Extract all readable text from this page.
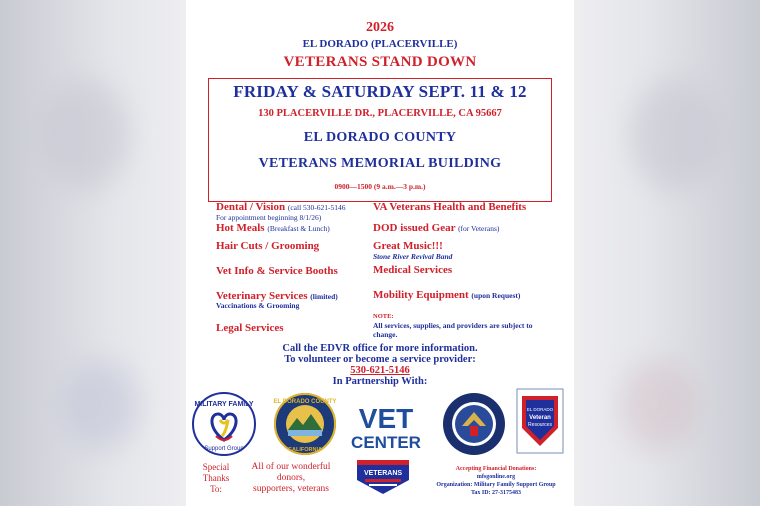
2026
EL DORADO (PLACERVILLE)
VETERANS STAND DOWN
FRIDAY & SATURDAY SEPT. 11 & 12
130 PLACERVILLE DR., PLACERVILLE, CA 95667
EL DORADO COUNTY
VETERANS MEMORIAL BUILDING
0900—1500 (9 a.m.—3 p.m.)
Dental / Vision (call 530-621-5146
For appointment beginning 8/1/26)
Hot Meals (Breakfast & Lunch)
Hair Cuts / Grooming
Vet Info & Service Booths
Veterinary Services (limited)
Vaccinations & Grooming
Legal Services
VA Veterans Health and Benefits
DOD issued Gear (for Veterans)
Great Music!!!
Stone River Revival Band
Medical Services
Mobility Equipment (upon Request)
NOTE:
All services, supplies, and providers are subject to
change.
Call the EDVR office for more information.
To volunteer or become a service provider:
530-621-5146
In Partnership With:
MILITARY FAMILY
Support Group
EL DORADO COUNTY
CALIFORNIA
VET
CENTER
EL DORADO
Veteran
Resources
Special
Thanks
To:
All of our wonderful
donors,
supporters, veterans
VETERANS
Accepting Financial Donations:
mfsgonline.org
Organization: Military Family Support Group
Tax ID: 27-3175483
